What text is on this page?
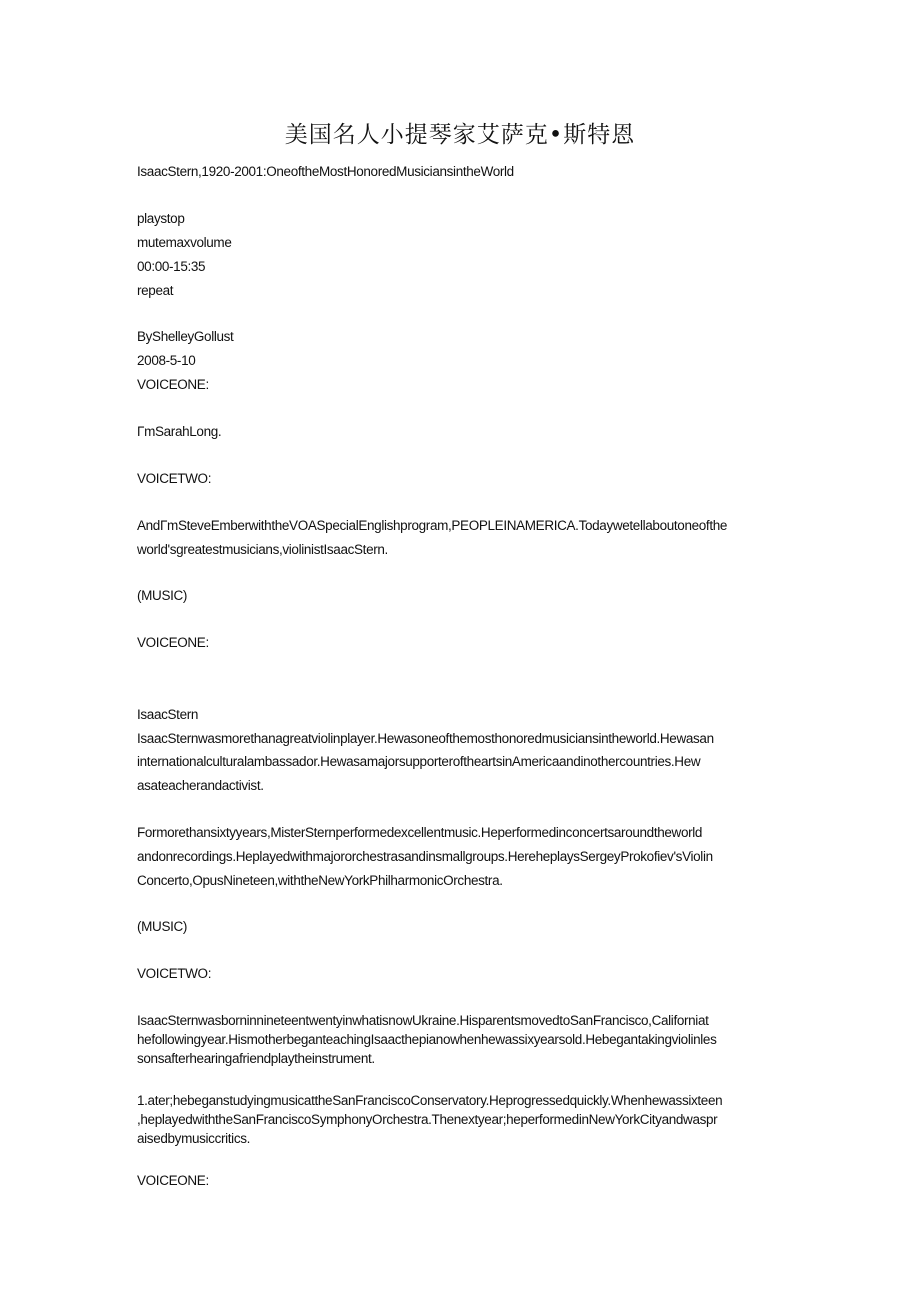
美国名人小提琴家艾萨克•斯特恩
IsaacStern,1920-2001:OneoftheMostHonoredMusiciansintheWorld
playstop
mutemaxvolume
00:00-15:35
repeat
ByShelleyGollust
2008-5-10
VOICEONE:
ΓmSarahLong.
VOICETWO:
AndΓmSteveEmberwiththeVOASpecialEnglishprogram,PEOPLEINAMERICA.Todaywetellaboutoneofthe
world'sgreatestmusicians,violinistIsaacStern.
(MUSIC)
VOICEONE:
IsaacStern
IsaacSternwasmorethanagreatviolinplayer.Hewasoneofthemosthonoredmusiciansintheworld.Hewasan
internationalculturalambassador.HewasamajorsupporteroftheartsinAmericaandinothercountries.Hew
asateacherandactivist.
Formorethansixtyyears,MisterSternperformedexcellentmusic.Heperformedinconcertsaroundtheworld
andonrecordings.Heplayedwithmajororchestrasandinsmallgroups.HereheplaysSergeyProkofiev'sViolin
Concerto,OpusNineteen,withtheNewYorkPhilharmonicOrchestra.
(MUSIC)
VOICETWO:
IsaacSternwasborninnineteentwentyinwhatisnowUkraine.HisparentsmovedtoSanFrancisco,Californiat
hefollowingyear.HismotherbeganteachingIsaacthepianowhenhewassixyearsold.Hebegantakingviolinles
sonsafterhearingafriendplaytheinstrument.
1.ater;hebeganstudyingmusicattheSanFranciscoConservatory.Heprogressedquickly.Whenhewassixteen
,heplayedwiththeSanFranciscoSymphonyOrchestra.Thenextyear;heperformedinNewYorkCityandwaspr
aisedbymusiccritics.
VOICEONE:
